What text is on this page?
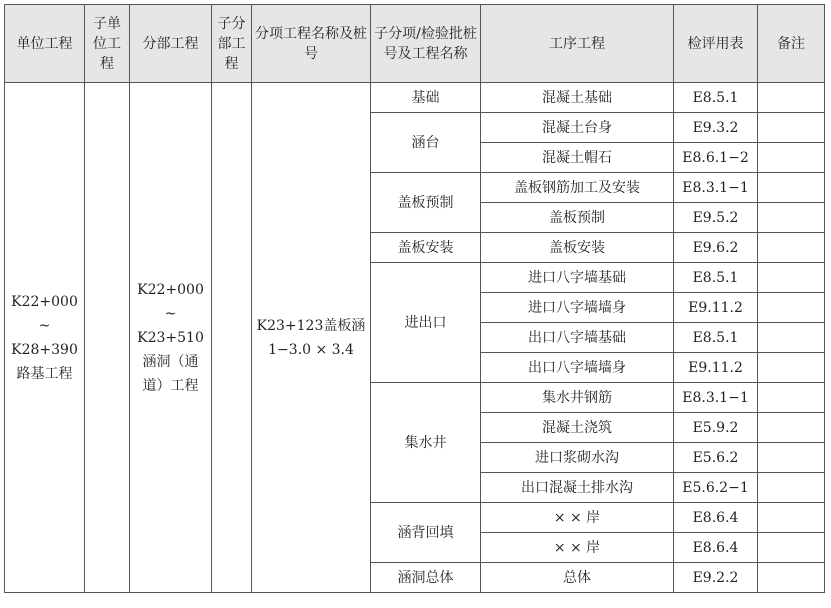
单位工程	子单位工程	分部工程	子分部工程	分项工程名称及桩号	子分项/检验批桩号及工程名称	工序工程	检评用表	备注
K22+000 ~ K28+390 路基工程		K22+000 ~ K23+510 涵洞（通道）工程		K23+123盖板涵 1−3.0 × 3.4	基础	混凝土基础	E8.5.1	
					涵台	混凝土台身	E9.3.2	
						混凝土帽石	E8.6.1−2	
					盖板预制	盖板钢筋加工及安装	E8.3.1−1	
						盖板预制	E9.5.2	
					盖板安装	盖板安装	E9.6.2	
					进出口	进口八字墙基础	E8.5.1	
						进口八字墙墙身	E9.11.2	
						出口八字墙基础	E8.5.1	
						出口八字墙墙身	E9.11.2	
					集水井	集水井钢筋	E8.3.1−1	
						混凝土浇筑	E5.9.2	
						进口浆砌水沟	E5.6.2	
						出口混凝土排水沟	E5.6.2−1	
					涵背回填	× × 岸	E8.6.4	
						× × 岸	E8.6.4	
					涵洞总体	总体	E9.2.2	
